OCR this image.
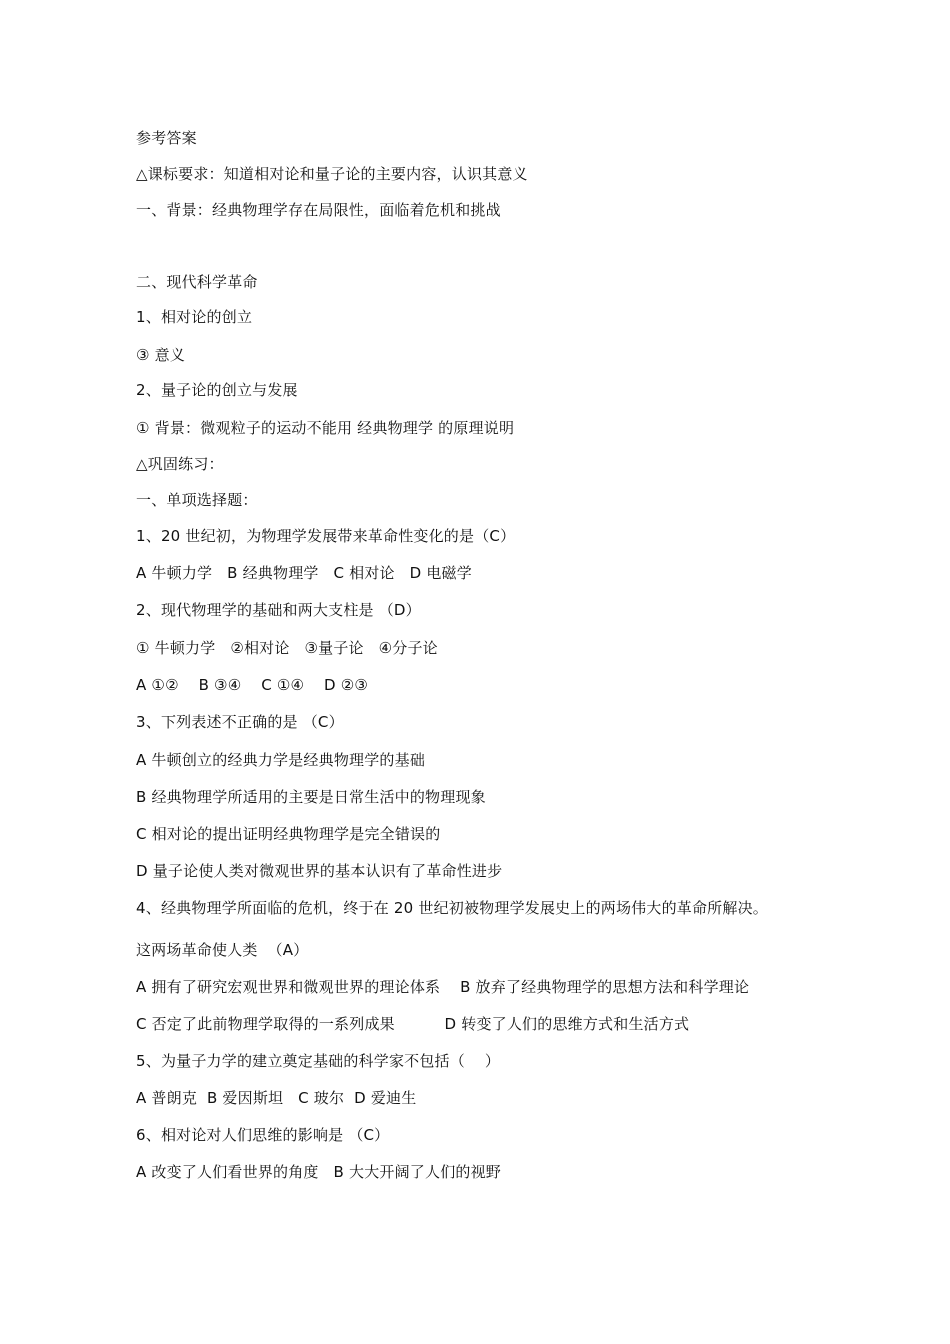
参考答案
△课标要求：知道相对论和量子论的主要内容，认识其意义
一、背景：经典物理学存在局限性，面临着危机和挑战
二、现代科学革命
1、相对论的创立
③ 意义
2、量子论的创立与发展
① 背景：微观粒子的运动不能用 经典物理学 的原理说明
△巩固练习：
一、单项选择题：
1、20 世纪初，为物理学发展带来革命性变化的是（C）
A 牛顿力学   B 经典物理学   C 相对论   D 电磁学
2、现代物理学的基础和两大支柱是 （D）
① 牛顿力学   ②相对论   ③量子论   ④分子论
A ①②    B ③④    C ①④    D ②③
3、下列表述不正确的是 （C）
A 牛顿创立的经典力学是经典物理学的基础
B 经典物理学所适用的主要是日常生活中的物理现象
C 相对论的提出证明经典物理学是完全错误的
D 量子论使人类对微观世界的基本认识有了革命性进步
4、经典物理学所面临的危机，终于在 20 世纪初被物理学发展史上的两场伟大的革命所解决。
这两场革命使人类  （A）
A 拥有了研究宏观世界和微观世界的理论体系    B 放弃了经典物理学的思想方法和科学理论
C 否定了此前物理学取得的一系列成果          D 转变了人们的思维方式和生活方式
5、为量子力学的建立奠定基础的科学家不包括（    ）
A 普朗克  B 爱因斯坦   C 玻尔  D 爱迪生
6、相对论对人们思维的影响是 （C）
A 改变了人们看世界的角度   B 大大开阔了人们的视野
